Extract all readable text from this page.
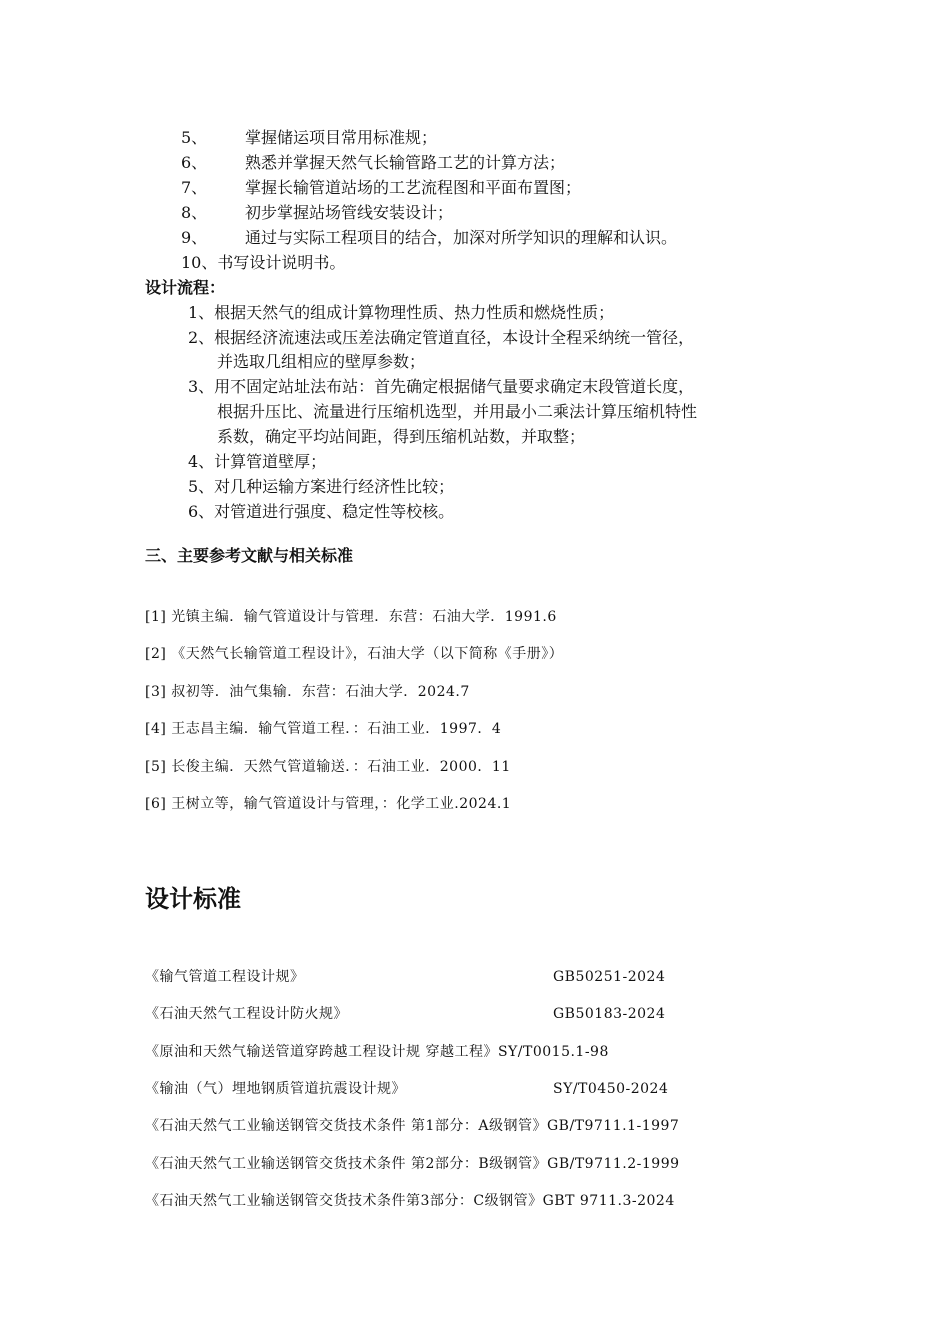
5、 掌握储运项目常用标准规；
6、 熟悉并掌握天然气长输管路工艺的计算方法；
7、 掌握长输管道站场的工艺流程图和平面布置图；
8、 初步掌握站场管线安装设计；
9、 通过与实际工程项目的结合，加深对所学知识的理解和认识。
10、书写设计说明书。
设计流程：
1、根据天然气的组成计算物理性质、热力性质和燃烧性质；
2、根据经济流速法或压差法确定管道直径，本设计全程采纳统一管径，
并选取几组相应的壁厚参数；
3、用不固定站址法布站：首先确定根据储气量要求确定末段管道长度，
根据升压比、流量进行压缩机选型，并用最小二乘法计算压缩机特性
系数，确定平均站间距，得到压缩机站数，并取整；
4、计算管道壁厚；
5、对几种运输方案进行经济性比较；
6、对管道进行强度、稳定性等校核。
三、主要参考文献与相关标准
[1] 光镇主编．输气管道设计与管理．东营：石油大学．1991.6
[2] 《天然气长输管道工程设计》，石油大学（以下简称《手册》）
[3] 叔初等．油气集输．东营：石油大学．2024.7
[4] 王志昌主编．输气管道工程．：石油工业．1997．4
[5] 长俊主编．天然气管道输送．：石油工业．2000．11
[6] 王树立等，输气管道设计与管理，：化学工业.2024.1
设计标准
《输气管道工程设计规》	GB50251-2024
《石油天然气工程设计防火规》	GB50183-2024
《原油和天然气输送管道穿跨越工程设计规 穿越工程》SY/T0015.1-98
《输油（气）埋地钢质管道抗震设计规》	SY/T0450-2024
《石油天然气工业输送钢管交货技术条件 第1部分：A级钢管》GB/T9711.1-1997
《石油天然气工业输送钢管交货技术条件 第2部分：B级钢管》GB/T9711.2-1999
《石油天然气工业输送钢管交货技术条件第3部分：C级钢管》GBT 9711.3-2024
